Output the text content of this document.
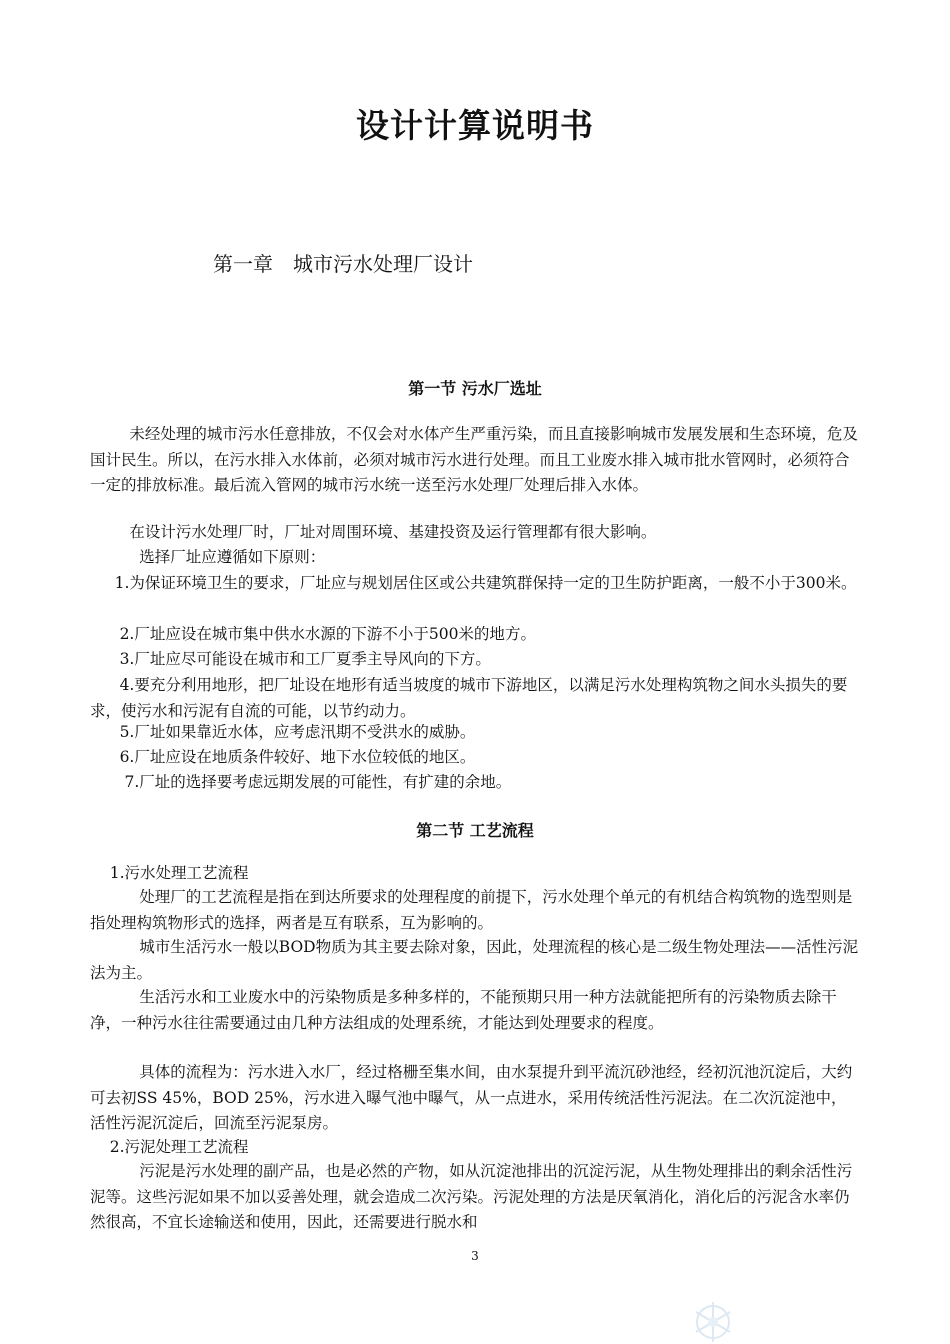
设计计算说明书
第一章　城市污水处理厂设计
第一节 污水厂选址

未经处理的城市污水任意排放，不仅会对水体产生严重污染，而且直接影响城市发展发展和生态环境，危及国计民生。所以，在污水排入水体前，必须对城市污水进行处理。而且工业废水排入城市批水管网时，必须符合一定的排放标准。最后流入管网的城市污水统一送至污水处理厂处理后排入水体。

在设计污水处理厂时，厂址对周围环境、基建投资及运行管理都有很大影响。

选择厂址应遵循如下原则：

1.为保证环境卫生的要求，厂址应与规划居住区或公共建筑群保持一定的卫生防护距离，一般不小于300米。

2.厂址应设在城市集中供水水源的下游不小于500米的地方。

3.厂址应尽可能设在城市和工厂夏季主导风向的下方。

4.要充分利用地形，把厂址设在地形有适当坡度的城市下游地区，以满足污水处理构筑物之间水头损失的要求，使污水和污泥有自流的可能，以节约动力。

5.厂址如果靠近水体，应考虑汛期不受洪水的威胁。

6.厂址应设在地质条件较好、地下水位较低的地区。

7.厂址的选择要考虑远期发展的可能性，有扩建的余地。

第二节 工艺流程

1.污水处理工艺流程

处理厂的工艺流程是指在到达所要求的处理程度的前提下，污水处理个单元的有机结合构筑物的选型则是指处理构筑物形式的选择，两者是互有联系，互为影响的。

城市生活污水一般以BOD物质为其主要去除对象，因此，处理流程的核心是二级生物处理法——活性污泥法为主。

生活污水和工业废水中的污染物质是多种多样的，不能预期只用一种方法就能把所有的污染物质去除干净，一种污水往往需要通过由几种方法组成的处理系统，才能达到处理要求的程度。

具体的流程为：污水进入水厂，经过格栅至集水间，由水泵提升到平流沉砂池经，经初沉池沉淀后，大约可去初SS 45%，BOD 25%，污水进入曝气池中曝气，从一点进水，采用传统活性污泥法。在二次沉淀池中，活性污泥沉淀后，回流至污泥泵房。

2.污泥处理工艺流程

污泥是污水处理的副产品，也是必然的产物，如从沉淀池排出的沉淀污泥，从生物处理排出的剩余活性污泥等。这些污泥如果不加以妥善处理，就会造成二次污染。污泥处理的方法是厌氧消化，消化后的污泥含水率仍然很高，不宜长途输送和使用，因此，还需要进行脱水和

3
